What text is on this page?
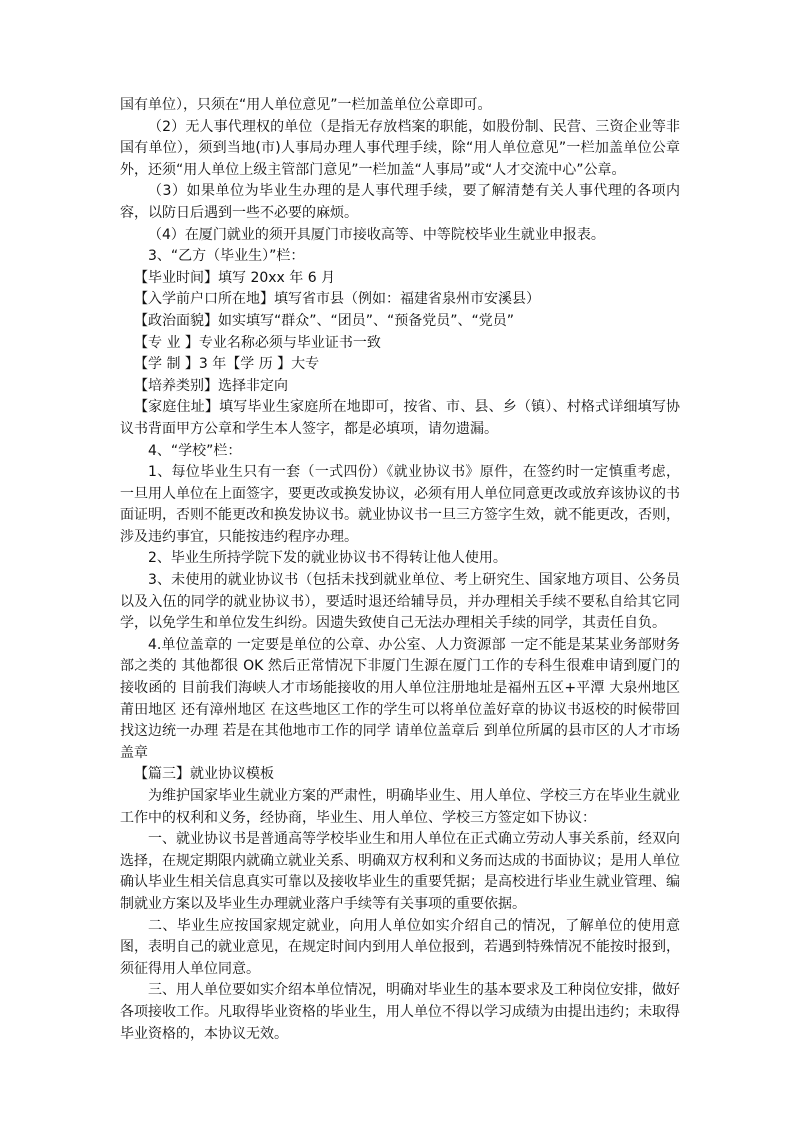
国有单位），只须在“用人单位意见”一栏加盖单位公章即可。

（2）无人事代理权的单位（是指无存放档案的职能，如股份制、民营、三资企业等非国有单位），须到当地(市)人事局办理人事代理手续，除“用人单位意见”一栏加盖单位公章外，还须“用人单位上级主管部门意见”一栏加盖“人事局”或“人才交流中心”公章。

（3）如果单位为毕业生办理的是人事代理手续，要了解清楚有关人事代理的各项内容，以防日后遇到一些不必要的麻烦。

（4）在厦门就业的须开具厦门市接收高等、中等院校毕业生就业申报表。

3、“乙方（毕业生）”栏：

【毕业时间】填写 20xx 年 6 月

【入学前户口所在地】填写省市县（例如：福建省泉州市安溪县）

【政治面貌】如实填写“群众”、“团员”、“预备党员”、“党员”

【专 业 】专业名称必须与毕业证书一致

【学 制 】3 年【学 历 】大专

【培养类别】选择非定向

【家庭住址】填写毕业生家庭所在地即可，按省、市、县、乡（镇）、村格式详细填写协议书背面甲方公章和学生本人签字，都是必填项，请勿遗漏。

4、“学校”栏：

1、每位毕业生只有一套（一式四份）《就业协议书》原件，在签约时一定慎重考虑，一旦用人单位在上面签字，要更改或换发协议，必须有用人单位同意更改或放弃该协议的书面证明，否则不能更改和换发协议书。就业协议书一旦三方签字生效，就不能更改，否则，涉及违约事宜，只能按违约程序办理。

2、毕业生所持学院下发的就业协议书不得转让他人使用。

3、未使用的就业协议书（包括未找到就业单位、考上研究生、国家地方项目、公务员以及入伍的同学的就业协议书），要适时退还给辅导员，并办理相关手续不要私自给其它同学，以免学生和单位发生纠纷。因遗失致使自己无法办理相关手续的同学，其责任自负。

4.单位盖章的 一定要是单位的公章、办公室、人力资源部 一定不能是某某业务部财务部之类的 其他都很 OK 然后正常情况下非厦门生源在厦门工作的专科生很难申请到厦门的接收函的 目前我们海峡人才市场能接收的用人单位注册地址是福州五区+平潭 大泉州地区 莆田地区 还有漳州地区 在这些地区工作的学生可以将单位盖好章的协议书返校的时候带回找这边统一办理 若是在其他地市工作的同学 请单位盖章后 到单位所属的县市区的人才市场盖章

【篇三】就业协议模板

为维护国家毕业生就业方案的严肃性，明确毕业生、用人单位、学校三方在毕业生就业工作中的权利和义务，经协商，毕业生、用人单位、学校三方签定如下协议：

一、就业协议书是普通高等学校毕业生和用人单位在正式确立劳动人事关系前，经双向选择，在规定期限内就确立就业关系、明确双方权利和义务而达成的书面协议；是用人单位确认毕业生相关信息真实可靠以及接收毕业生的重要凭据；是高校进行毕业生就业管理、编制就业方案以及毕业生办理就业落户手续等有关事项的重要依据。

二、毕业生应按国家规定就业，向用人单位如实介绍自己的情况，了解单位的使用意图，表明自己的就业意见，在规定时间内到用人单位报到，若遇到特殊情况不能按时报到，须征得用人单位同意。

三、用人单位要如实介绍本单位情况，明确对毕业生的基本要求及工种岗位安排，做好各项接收工作。凡取得毕业资格的毕业生，用人单位不得以学习成绩为由提出违约；未取得毕业资格的，本协议无效。
